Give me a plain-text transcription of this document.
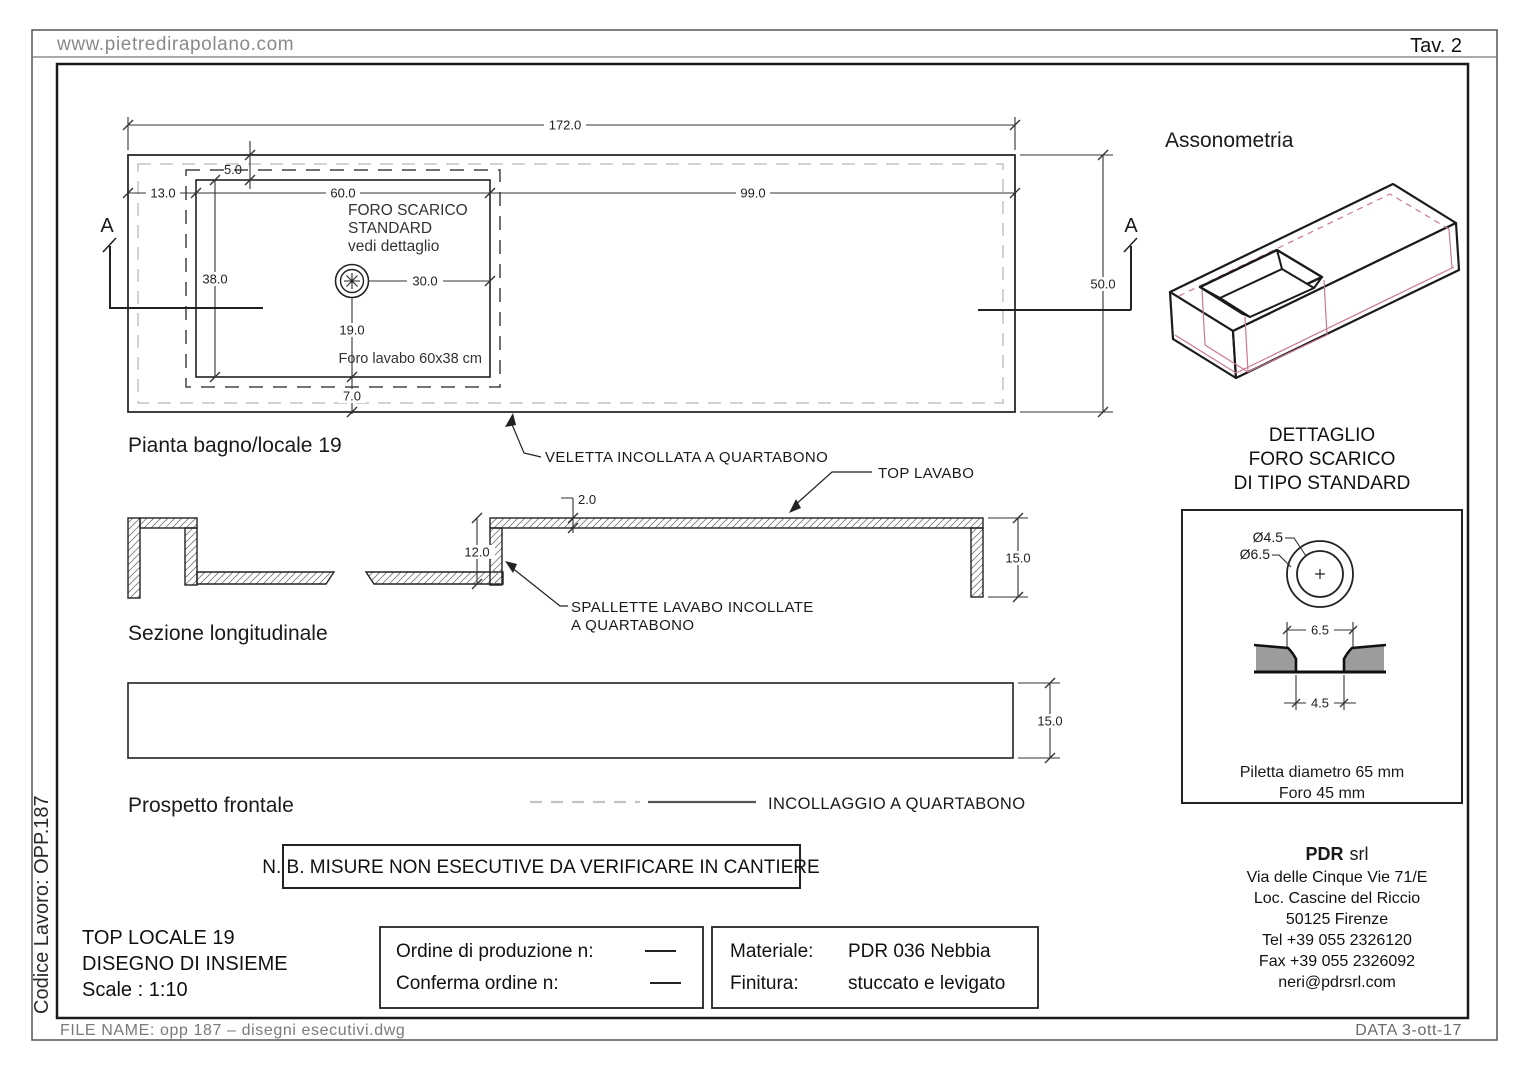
www.pietredirapolano.com	Tav. 2
FILE NAME: opp 187 – disegni esecutivi.dwg	DATA 3-ott-17
Codice Lavoro: OPP.187
172.0
13.0	60.0	99.0
5.0
38.0	30.0
19.0
7.0
50.0
A	A
FORO SCARICO
STANDARD
vedi dettaglio
Foro lavabo 60x38 cm
VELETTA INCOLLATA A QUARTABONO
Pianta bagno/locale 19
2.0
12.0	15.0
TOP LAVABO
SPALLETTE LAVABO INCOLLATE
A QUARTABONO
Sezione longitudinale
15.0
Prospetto frontale	INCOLLAGGIO A QUARTABONO
N. B. MISURE NON ESECUTIVE DA VERIFICARE IN CANTIERE
TOP LOCALE 19
DISEGNO DI INSIEME
Scale : 1:10
Ordine di produzione n:
Conferma ordine n:
Materiale: PDR 036 Nebbia
Finitura:	stuccato e levigato
Assonometria
DETTAGLIO
FORO SCARICO
DI TIPO STANDARD
Ø4.5
Ø6.5
6.5
4.5
Piletta diametro 65 mm
Foro 45 mm
PDR srl
Via delle Cinque Vie 71/E
Loc. Cascine del Riccio
50125 Firenze
Tel +39 055 2326120
Fax +39 055 2326092
neri@pdrsrl.com
